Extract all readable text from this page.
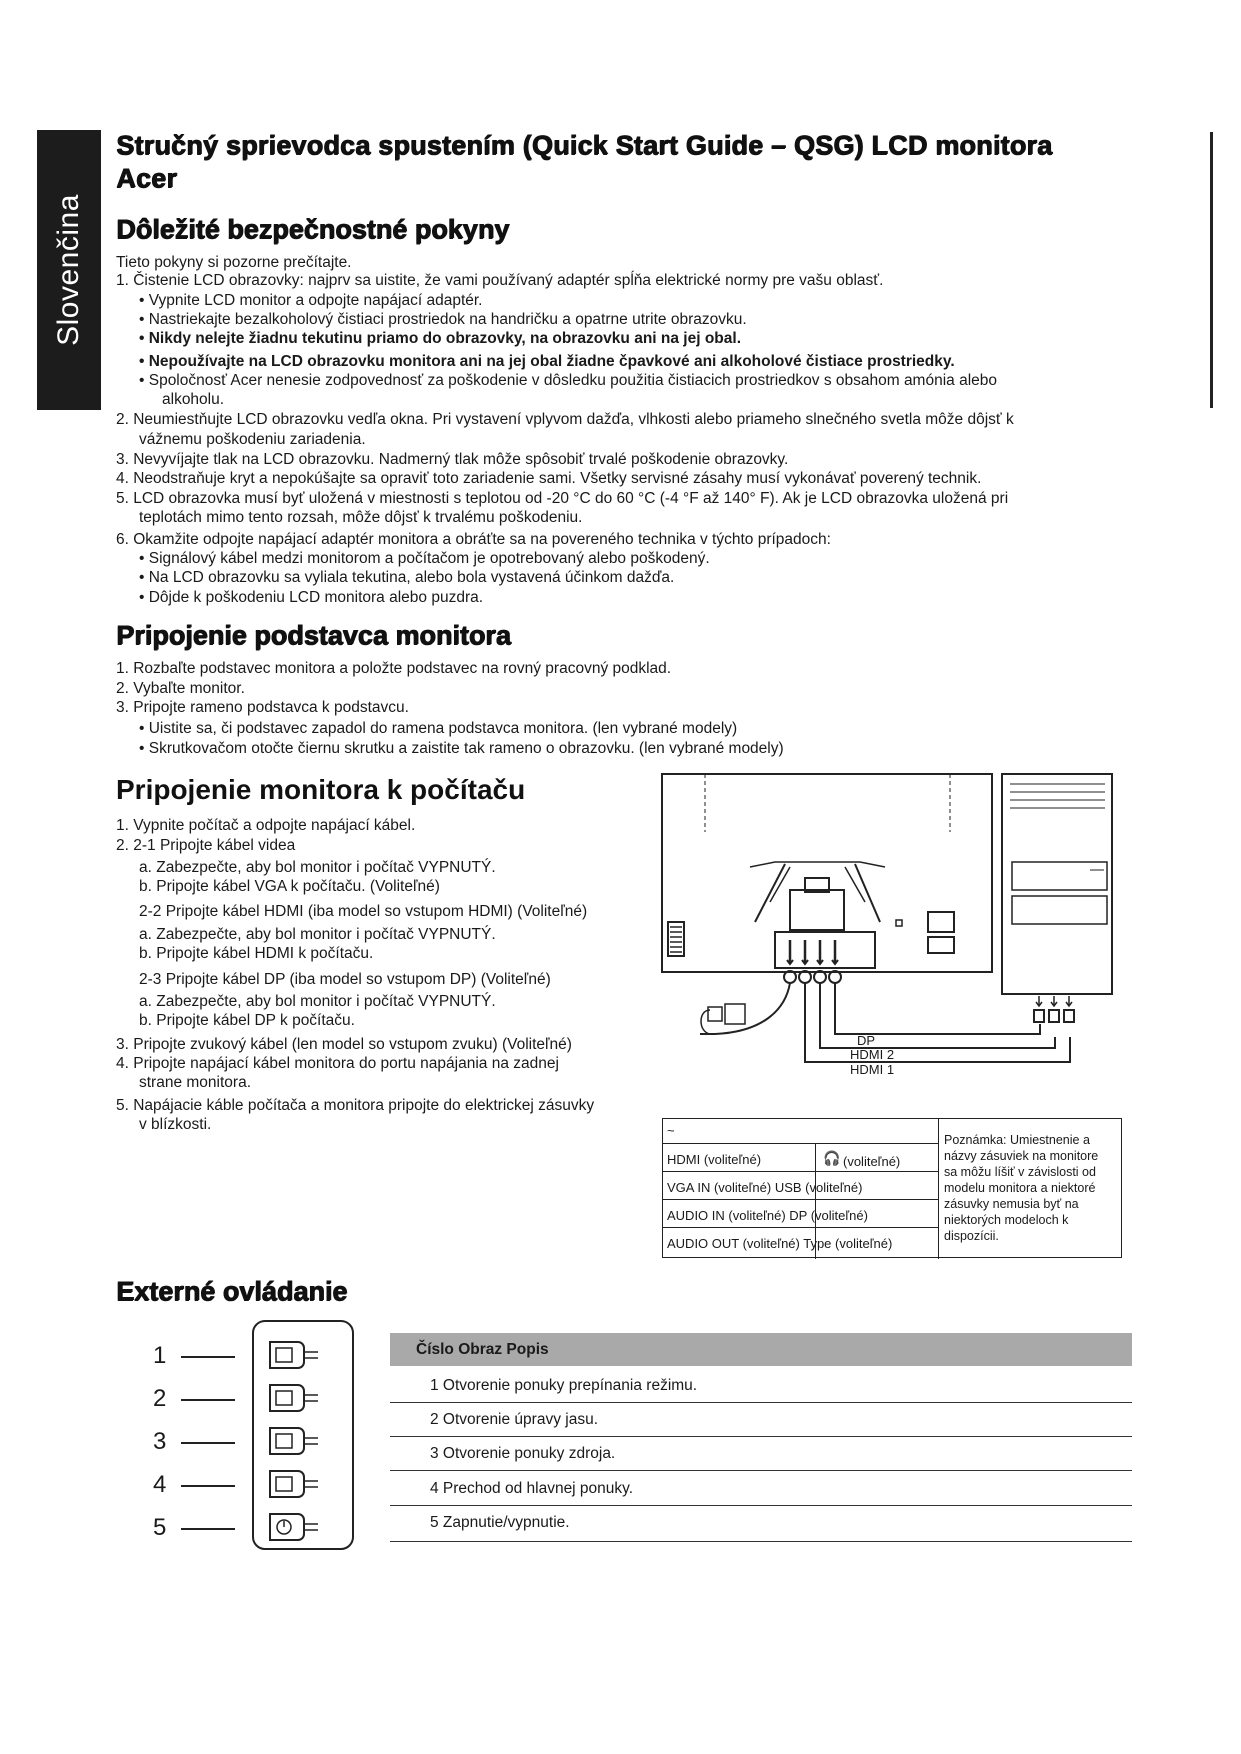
Slovenčina
Stručný sprievodca spustením (Quick Start Guide – QSG) LCD monitora
Acer
Dôležité bezpečnostné pokyny
Tieto pokyny si pozorne prečítajte.
1. Čistenie LCD obrazovky: najprv sa uistite, že vami používaný adaptér spĺňa elektrické normy pre vašu oblasť.
• Vypnite LCD monitor a odpojte napájací adaptér.
• Nastriekajte bezalkoholový čistiaci prostriedok na handričku a opatrne utrite obrazovku.
• Nikdy nelejte žiadnu tekutinu priamo do obrazovky, na obrazovku ani na jej obal.
• Nepoužívajte na LCD obrazovku monitora ani na jej obal žiadne čpavkové ani alkoholové čistiace prostriedky.
• Spoločnosť Acer nenesie zodpovednosť za poškodenie v dôsledku použitia čistiacich prostriedkov s obsahom amónia alebo
alkoholu.
2. Neumiestňujte LCD obrazovku vedľa okna. Pri vystavení vplyvom dažďa, vlhkosti alebo priameho slnečného svetla môže dôjsť k
vážnemu poškodeniu zariadenia.
3. Nevyvíjajte tlak na LCD obrazovku. Nadmerný tlak môže spôsobiť trvalé poškodenie obrazovky.
4. Neodstraňuje kryt a nepokúšajte sa opraviť toto zariadenie sami. Všetky servisné zásahy musí vykonávať poverený technik.
5. LCD obrazovka musí byť uložená v miestnosti s teplotou od -20 °C do 60 °C (-4 °F až 140° F). Ak je LCD obrazovka uložená pri
teplotách mimo tento rozsah, môže dôjsť k trvalému poškodeniu.
6. Okamžite odpojte napájací adaptér monitora a obráťte sa na povereného technika v týchto prípadoch:
• Signálový kábel medzi monitorom a počítačom je opotrebovaný alebo poškodený.
• Na LCD obrazovku sa vyliala tekutina, alebo bola vystavená účinkom dažďa.
• Dôjde k poškodeniu LCD monitora alebo puzdra.
Pripojenie podstavca monitora
1. Rozbaľte podstavec monitora a položte podstavec na rovný pracovný podklad.
2. Vybaľte monitor.
3. Pripojte rameno podstavca k podstavcu.
• Uistite sa, či podstavec zapadol do ramena podstavca monitora. (len vybrané modely)
• Skrutkovačom otočte čiernu skrutku a zaistite tak rameno o obrazovku. (len vybrané modely)
Pripojenie monitora k počítaču
1. Vypnite počítač a odpojte napájací kábel.
2. 2-1 Pripojte kábel videa
a. Zabezpečte, aby bol monitor i počítač VYPNUTÝ.
b. Pripojte kábel VGA k počítaču. (Voliteľné)
2-2 Pripojte kábel HDMI (iba model so vstupom HDMI) (Voliteľné)
a. Zabezpečte, aby bol monitor i počítač VYPNUTÝ.
b. Pripojte kábel HDMI k počítaču.
2-3 Pripojte kábel DP (iba model so vstupom DP) (Voliteľné)
a. Zabezpečte, aby bol monitor i počítač VYPNUTÝ.
b. Pripojte kábel DP k počítaču.
3. Pripojte zvukový kábel (len model so vstupom zvuku) (Voliteľné)
4. Pripojte napájací kábel monitora do portu napájania na zadnej
strane monitora.
5. Napájacie káble počítača a monitora pripojte do elektrickej zásuvky
v blízkosti.
DP
HDMI 2
HDMI 1
~
HDMI (voliteľné)	🎧 (voliteľné)
VGA IN (voliteľné) USB (voliteľné)
AUDIO IN (voliteľné) DP (voliteľné)
AUDIO OUT (voliteľné) Type (voliteľné)
Poznámka: Umiestnenie a
názvy zásuviek na monitore
sa môžu líšiť v závislosti od
modelu monitora a niektoré
zásuvky nemusia byť na
niektorých modeloch k
dispozícii.
Externé ovládanie
1
2
3
4
5
Číslo Obraz Popis
1 Otvorenie ponuky prepínania režimu.
2 Otvorenie úpravy jasu.
3 Otvorenie ponuky zdroja.
4 Prechod od hlavnej ponuky.
5 Zapnutie/vypnutie.
